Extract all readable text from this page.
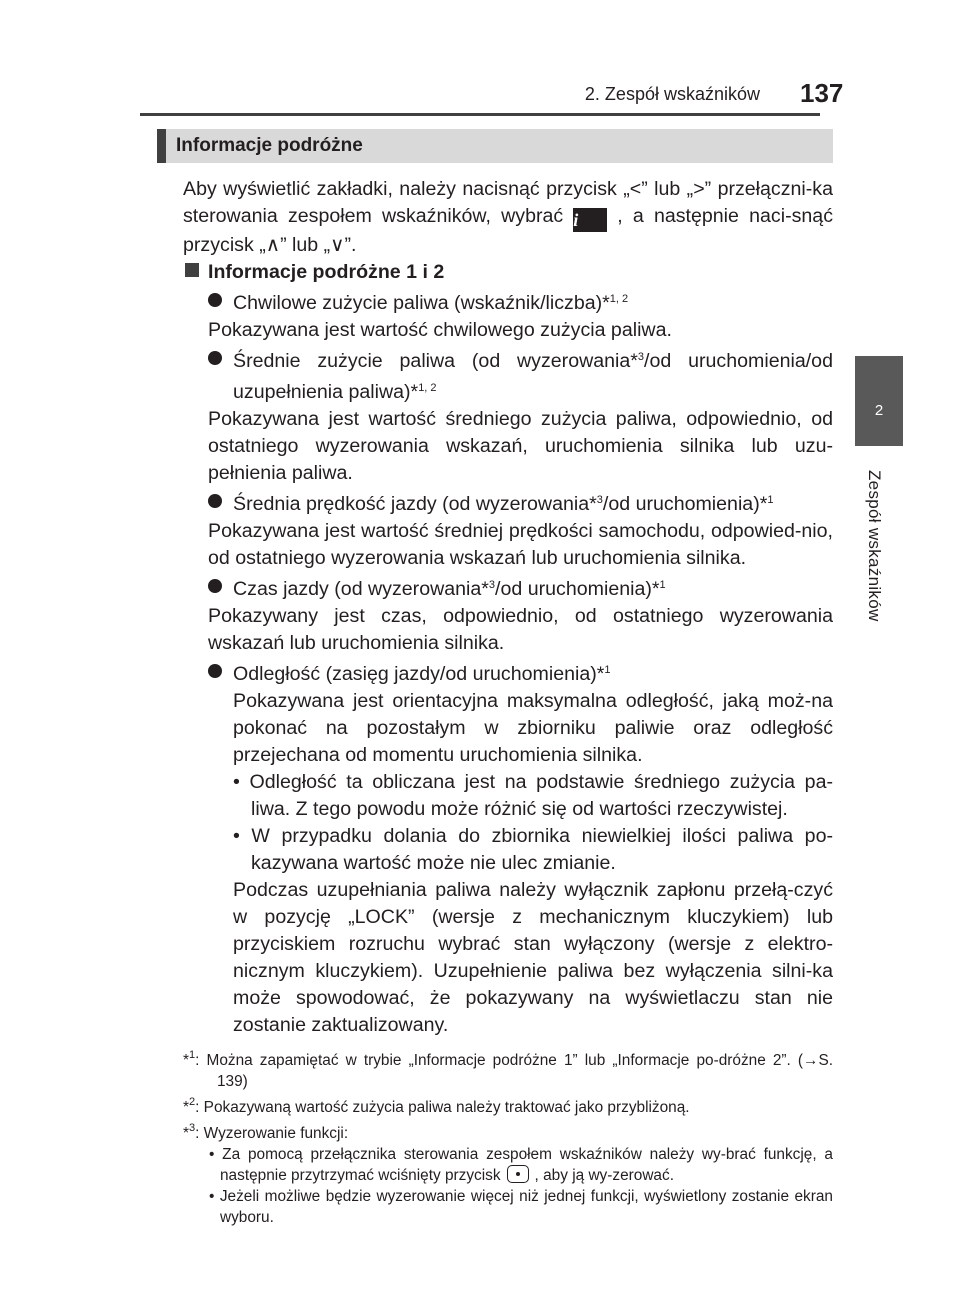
2. Zespół wskaźników 137
2
Zespół wskaźników
Informacje podróżne

Aby wyświetlić zakładki, należy nacisnąć przycisk „<” lub „>” przełączni-ka sterowania zespołem wskaźników, wybrać i , a następnie naci-snąć przycisk „∧” lub „∨”.

Informacje podróżne 1 i 2

Chwilowe zużycie paliwa (wskaźnik/liczba)*$^{1, 2}$

Pokazywana jest wartość chwilowego zużycia paliwa.

Średnie zużycie paliwa (od wyzerowania*$^3$/od uruchomienia/od uzupełnienia paliwa)*$^{1, 2}$

Pokazywana jest wartość średniego zużycia paliwa, odpowiednio, od ostatniego wyzerowania wskazań, uruchomienia silnika lub uzu-pełnienia paliwa.

Średnia prędkość jazdy (od wyzerowania*$^3$/od uruchomienia)*$^1$

Pokazywana jest wartość średniej prędkości samochodu, odpowied-nio, od ostatniego wyzerowania wskazań lub uruchomienia silnika.

Czas jazdy (od wyzerowania*$^3$/od uruchomienia)*$^1$

Pokazywany jest czas, odpowiednio, od ostatniego wyzerowania wskazań lub uruchomienia silnika.

Odległość (zasięg jazdy/od uruchomienia)*$^1$

Pokazywana jest orientacyjna maksymalna odległość, jaką moż-na pokonać na pozostałym w zbiorniku paliwie oraz odległość przejechana od momentu uruchomienia silnika.

• Odległość ta obliczana jest na podstawie średniego zużycia pa-liwa. Z tego powodu może różnić się od wartości rzeczywistej.

• W przypadku dolania do zbiornika niewielkiej ilości paliwa po-kazywana wartość może nie ulec zmianie.

Podczas uzupełniania paliwa należy wyłącznik zapłonu przełą-czyć w pozycję „LOCK” (wersje z mechanicznym kluczykiem) lub przyciskiem rozruchu wybrać stan wyłączony (wersje z elektro-nicznym kluczykiem). Uzupełnienie paliwa bez wyłączenia silni-ka może spowodować, że pokazywany na wyświetlaczu stan nie zostanie zaktualizowany.

*$^1$: Można zapamiętać w trybie „Informacje podróżne 1” lub „Informacje po-dróżne 2”. (→S. 139)

*$^2$: Pokazywaną wartość zużycia paliwa należy traktować jako przybliżoną.

*$^3$: Wyzerowanie funkcji:

• Za pomocą przełącznika sterowania zespołem wskaźników należy wy-brać funkcję, a następnie przytrzymać wciśnięty przycisk , aby ją wy-zerować.

• Jeżeli możliwe będzie wyzerowanie więcej niż jednej funkcji, wyświetlony zostanie ekran wyboru.
